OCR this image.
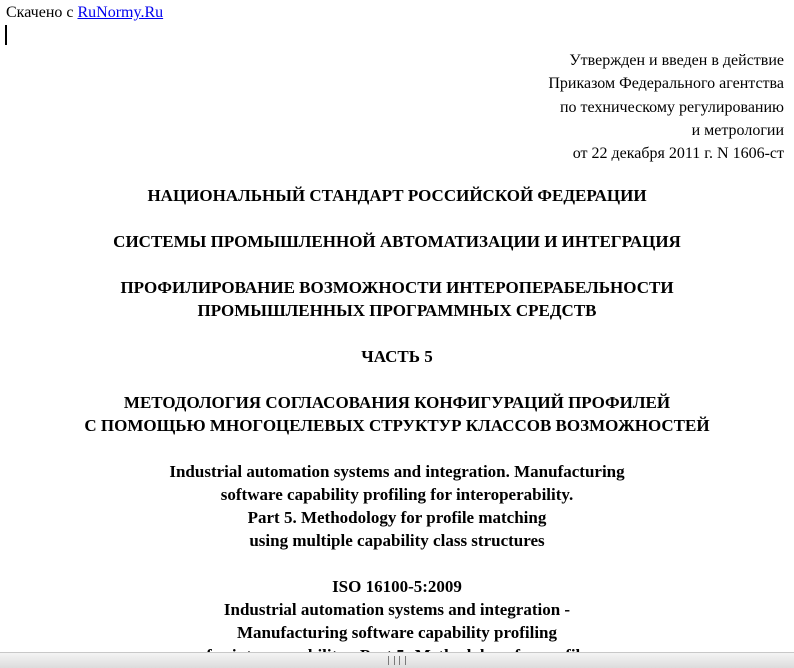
Скачено с RuNormy.Ru
Утвержден и введен в действие
Приказом Федерального агентства
по техническому регулированию
и метрологии
от 22 декабря 2011 г. N 1606-ст
НАЦИОНАЛЬНЫЙ СТАНДАРТ РОССИЙСКОЙ ФЕДЕРАЦИИ
СИСТЕМЫ ПРОМЫШЛЕННОЙ АВТОМАТИЗАЦИИ И ИНТЕГРАЦИЯ
ПРОФИЛИРОВАНИЕ ВОЗМОЖНОСТИ ИНТЕРОПЕРАБЕЛЬНОСТИ
ПРОМЫШЛЕННЫХ ПРОГРАММНЫХ СРЕДСТВ
ЧАСТЬ 5
МЕТОДОЛОГИЯ СОГЛАСОВАНИЯ КОНФИГУРАЦИЙ ПРОФИЛЕЙ
С ПОМОЩЬЮ МНОГОЦЕЛЕВЫХ СТРУКТУР КЛАССОВ ВОЗМОЖНОСТЕЙ
Industrial automation systems and integration. Manufacturing
software capability profiling for interoperability.
Part 5. Methodology for profile matching
using multiple capability class structures
ISO 16100-5:2009
Industrial automation systems and integration -
Manufacturing software capability profiling
